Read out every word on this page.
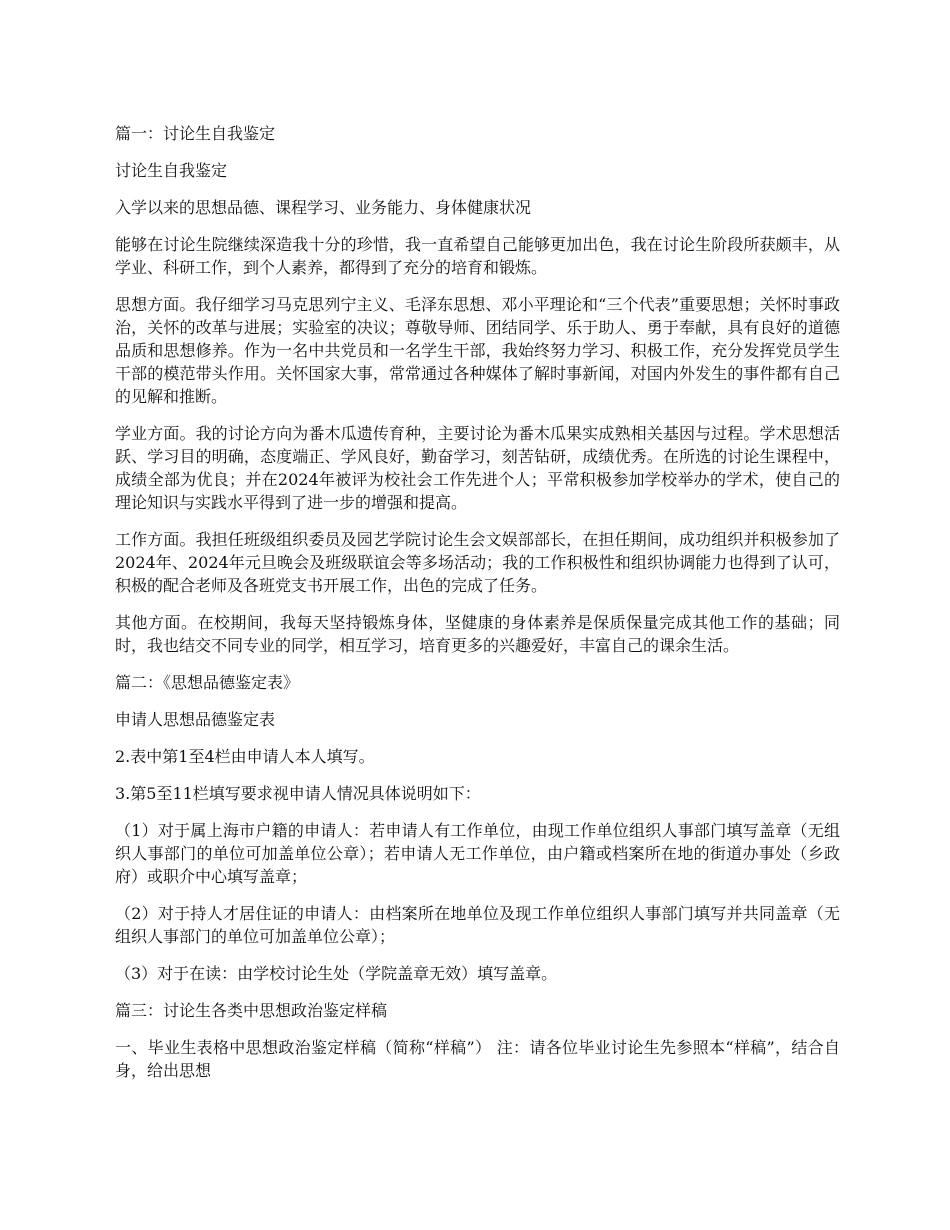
篇一：讨论生自我鉴定

讨论生自我鉴定

入学以来的思想品德、课程学习、业务能力、身体健康状况

能够在讨论生院继续深造我十分的珍惜，我一直希望自己能够更加出色，我在讨论生阶段所获颇丰，从学业、科研工作，到个人素养，都得到了充分的培育和锻炼。

思想方面。我仔细学习马克思列宁主义、毛泽东思想、邓小平理论和“三个代表”重要思想；关怀时事政治，关怀的改革与进展；实验室的决议；尊敬导师、团结同学、乐于助人、勇于奉献，具有良好的道德品质和思想修养。作为一名中共党员和一名学生干部，我始终努力学习、积极工作，充分发挥党员学生干部的模范带头作用。关怀国家大事，常常通过各种媒体了解时事新闻，对国内外发生的事件都有自己的见解和推断。

学业方面。我的讨论方向为番木瓜遗传育种，主要讨论为番木瓜果实成熟相关基因与过程。学术思想活跃、学习目的明确，态度端正、学风良好，勤奋学习，刻苦钻研，成绩优秀。在所选的讨论生课程中，成绩全部为优良；并在2024年被评为校社会工作先进个人；平常积极参加学校举办的学术，使自己的理论知识与实践水平得到了进一步的增强和提高。

工作方面。我担任班级组织委员及园艺学院讨论生会文娱部部长，在担任期间，成功组织并积极参加了2024年、2024年元旦晚会及班级联谊会等多场活动；我的工作积极性和组织协调能力也得到了认可，积极的配合老师及各班党支书开展工作，出色的完成了任务。

其他方面。在校期间，我每天坚持锻炼身体，坚健康的身体素养是保质保量完成其他工作的基础；同时，我也结交不同专业的同学，相互学习，培育更多的兴趣爱好，丰富自己的课余生活。

篇二：《思想品德鉴定表》

申请人思想品德鉴定表

2.表中第1至4栏由申请人本人填写。

3.第5至11栏填写要求视申请人情况具体说明如下：

（1）对于属上海市户籍的申请人：若申请人有工作单位，由现工作单位组织人事部门填写盖章（无组织人事部门的单位可加盖单位公章）；若申请人无工作单位，由户籍或档案所在地的街道办事处（乡政府）或职介中心填写盖章；

（2）对于持人才居住证的申请人：由档案所在地单位及现工作单位组织人事部门填写并共同盖章（无组织人事部门的单位可加盖单位公章）；

（3）对于在读：由学校讨论生处（学院盖章无效）填写盖章。

篇三：讨论生各类中思想政治鉴定样稿

一、毕业生表格中思想政治鉴定样稿（简称“样稿”） 注：请各位毕业讨论生先参照本“样稿”，结合自身，给出思想
